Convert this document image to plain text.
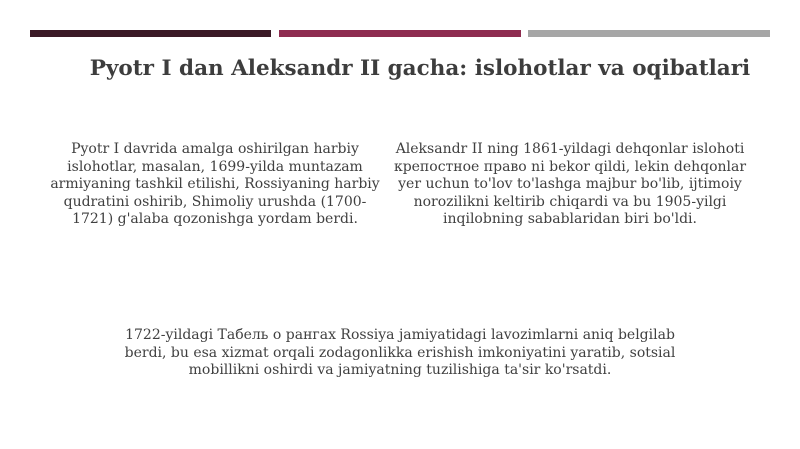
Pyotr I dan Aleksandr II gacha: islohotlar va oqibatlari
Pyotr I davrida amalga oshirilgan harbiy islohotlar, masalan, 1699-yilda muntazam armiyaning tashkil etilishi, Rossiyaning harbiy qudratini oshirib, Shimoliy urushda (1700-1721) g'alaba qozonishga yordam berdi.
Aleksandr II ning 1861-yildagi dehqonlar islohoti крепостное право ni bekor qildi, lekin dehqonlar yer uchun to'lov to'lashga majbur bo'lib, ijtimoiy norozilikni keltirib chiqardi va bu 1905-yilgi inqilobning sabablaridan biri bo'ldi.
1722-yildagi Табель о рангах Rossiya jamiyatidagi lavozimlarni aniq belgilab berdi, bu esa xizmat orqali zodagonlikka erishish imkoniyatini yaratib, sotsial mobillikni oshirdi va jamiyatning tuzilishiga ta'sir ko'rsatdi.
